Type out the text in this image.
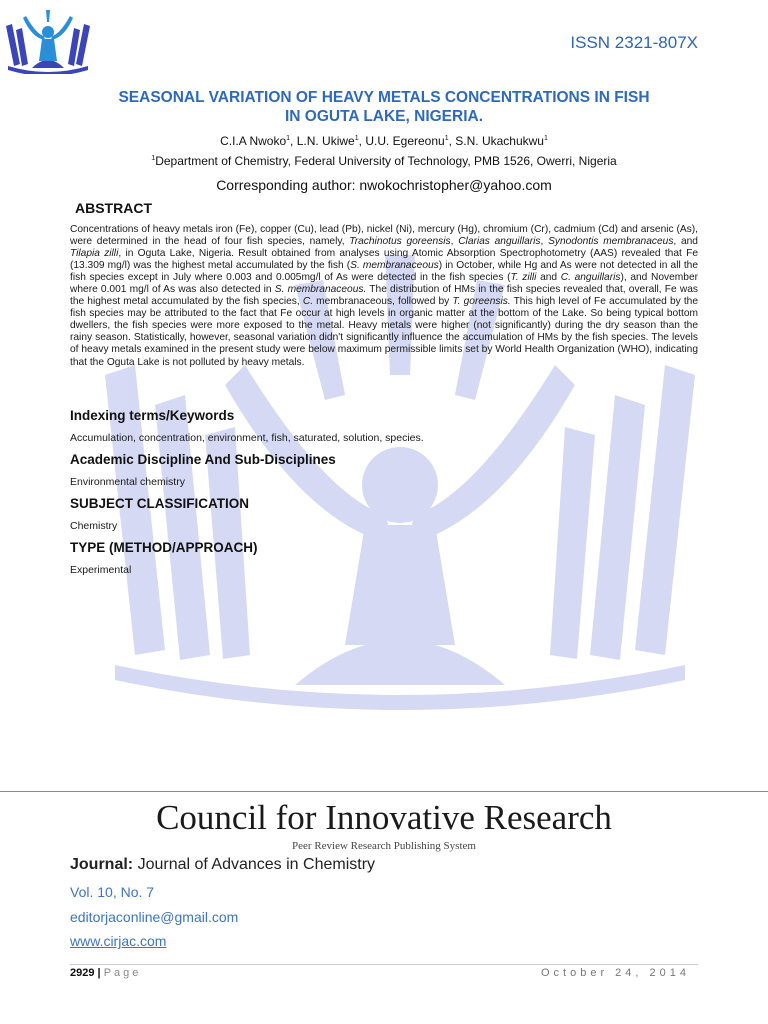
ISSN 2321-807X
SEASONAL VARIATION OF HEAVY METALS CONCENTRATIONS IN FISH
IN OGUTA LAKE, NIGERIA.
C.I.A Nwoko$^1$, L.N. Ukiwe$^1$, U.U. Egereonu$^1$, S.N. Ukachukwu$^1$
$^1$Department of Chemistry, Federal University of Technology, PMB 1526, Owerri, Nigeria
Corresponding author: nwokochristopher@yahoo.com
ABSTRACT
Concentrations of heavy metals iron (Fe), copper (Cu), lead (Pb), nickel (Ni), mercury (Hg), chromium (Cr), cadmium (Cd) and arsenic (As), were determined in the head of four fish species, namely, Trachinotus goreensis, Clarias anguillaris, Synodontis membranaceus, and Tilapia zilli, in Oguta Lake, Nigeria. Result obtained from analyses using Atomic Absorption Spectrophotometry (AAS) revealed that Fe (13.309 mg/l) was the highest metal accumulated by the fish (S. membranaceous) in October, while Hg and As were not detected in all the fish species except in July where 0.003 and 0.005mg/l of As were detected in the fish species (T. zilli and C. anguillaris), and November where 0.001 mg/l of As was also detected in S. membranaceous. The distribution of HMs in the fish species revealed that, overall, Fe was the highest metal accumulated by the fish species, C. membranaceous, followed by T. goreensis. This high level of Fe accumulated by the fish species may be attributed to the fact that Fe occur at high levels in organic matter at the bottom of the Lake. So being typical bottom dwellers, the fish species were more exposed to the metal. Heavy metals were higher (not significantly) during the dry season than the rainy season. Statistically, however, seasonal variation didn't significantly influence the accumulation of HMs by the fish species. The levels of heavy metals examined in the present study were below maximum permissible limits set by World Health Organization (WHO), indicating that the Oguta Lake is not polluted by heavy metals.
Indexing terms/Keywords
Accumulation, concentration, environment, fish, saturated, solution, species.
Academic Discipline And Sub-Disciplines
Environmental chemistry
SUBJECT CLASSIFICATION
Chemistry
TYPE (METHOD/APPROACH)
Experimental
Council for Innovative Research
Peer Review Research Publishing System
Journal: Journal of Advances in Chemistry
Vol. 10, No. 7
editorjaconline@gmail.com
www.cirjac.com
2929 | Page	October 24, 2014
